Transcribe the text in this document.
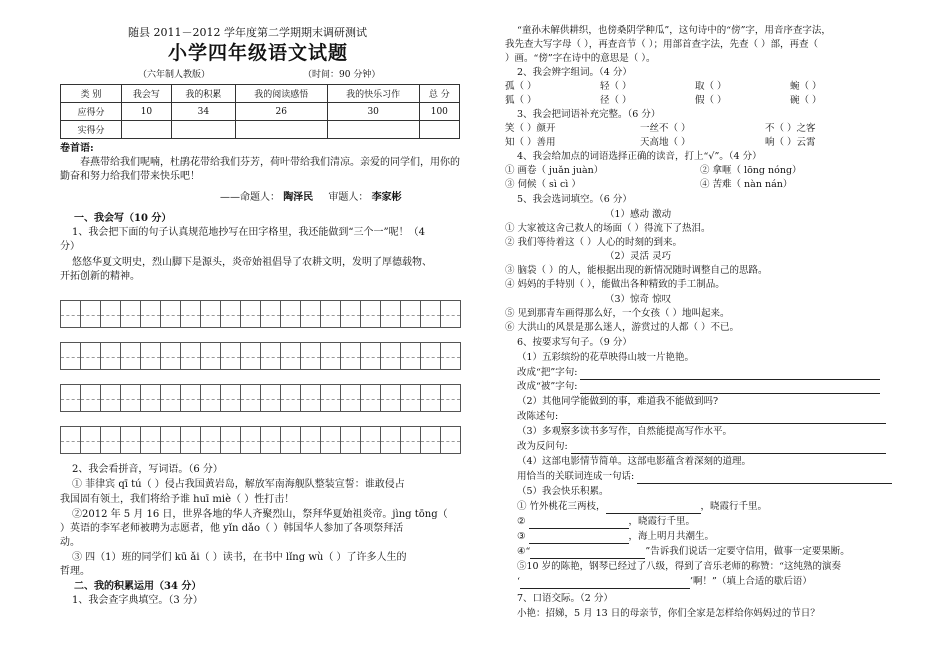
随县 2011－2012 学年度第二学期期末调研测试
小学四年级语文试题
（六年制人教版）	（时间：90 分钟）
类 别	我会写	我的积累	我的阅读感悟	我的快乐习作	总 分
应得分	10	34	26	30	100
实得分					
卷首语:
春燕带给我们呢喃，杜鹃花带给我们芬芳，荷叶带给我们清凉。亲爱的同学们，用你的勤奋和努力给我们带来快乐吧！
——命题人： 陶泽民 审题人： 李家彬
一、我会写（10 分）
1、我会把下面的句子认真规范地抄写在田字格里，我还能做到“三个一”呢！（4
分）
悠悠华夏文明史，烈山脚下是源头，炎帝始祖倡导了农耕文明，发明了厚德载物、
开拓创新的精神。
2、我会看拼音，写词语。（6 分）
① 菲律宾 qī tú（ ）侵占我国黄岩岛，解放军南海舰队整装宣誓：谁敢侵占
我国固有领土，我们将给予谁 huī miè（ ）性打击！
②2012 年 5 月 16 日，世界各地的华人齐聚烈山，祭拜华夏始祖炎帝。jìng tōng（
）英语的李军老师被聘为志愿者，他 yǐn dǎo（ ）韩国华人参加了各项祭拜活
动。
③ 四（1）班的同学们 kū ǎi（ ）读书，在书中 lǐng wù（ ）了许多人生的
哲理。
二、我的积累运用（34 分）
1、我会查字典填空。（3 分）
“童孙未解供耕织，也傍桑阴学种瓜”，这句诗中的“傍”字，用音序查字法，
我先查大写字母（ ），再查音节（ ）；用部首查字法，先查（ ）部，再查（
）画。“傍”字在诗中的意思是（ ）。
2、我会辨字组词。（4 分）
孤（ ）	轻（ ）	取（ ）	蜿（ ）
狐（ ）	径（ ）	假（ ）	碗（ ）
3、我会把词语补充完整。（6 分）
笑（ ）颜开	一丝不（ ）	不（ ）之客
知（ ）善用	天高地（ ）	响（ ）云霄
4、我会给加点的词语选择正确的读音，打上“√”。（4 分）
① 画卷（ juǎn juàn）	② 拿咂（ lōng nóng）
③ 伺候（ sì cì ）	④ 苦难（ nàn nán）
5、我会选词填空。（6 分）
（1）感动 激动
① 大家被这舍己救人的场面（ ）得流下了热泪。
② 我们等待着这（ ）人心的时刻的到来。
（2）灵活 灵巧
③ 脑袋（ ）的人，能根据出现的新情况随时调整自己的思路。
④ 妈妈的手特别（ ），能做出各种精致的手工制品。
（3）惊奇 惊叹
⑤ 见到那青车画得那么好，一个女孩（ ）地叫起来。
⑥ 大洪山的风景是那么迷人，游赏过的人都（ ）不已。
6、按要求写句子。（9 分）
（1）五彩缤纷的花草映得山坡一片艳艳。
改成“把”字句:
改成“被”字句:
（2）其他同学能做到的事，难道我不能做到吗?
改陈述句:
（3）多观察多读书多写作，自然能提高写作水平。
改为反问句:
（4）这部电影情节简单。这部电影蕴含着深刻的道理。
用恰当的关联词连成一句话:
（5）我会快乐积累。
① 竹外桃花三两枝，	，晓霞行千里。
②	，晓霞行千里。
③	，海上明月共潮生。
④“	”告诉我们说话一定要守信用，做事一定要果断。
⑤10 岁的陈艳，钢琴已经过了八级，得到了音乐老师的称赞：“这纯熟的演奏
‘	’啊！”（填上合适的歇后语）
7、口语交际。（2 分）
小艳：招娣，5 月 13 日的母亲节，你们全家是怎样给你妈妈过的节日？
